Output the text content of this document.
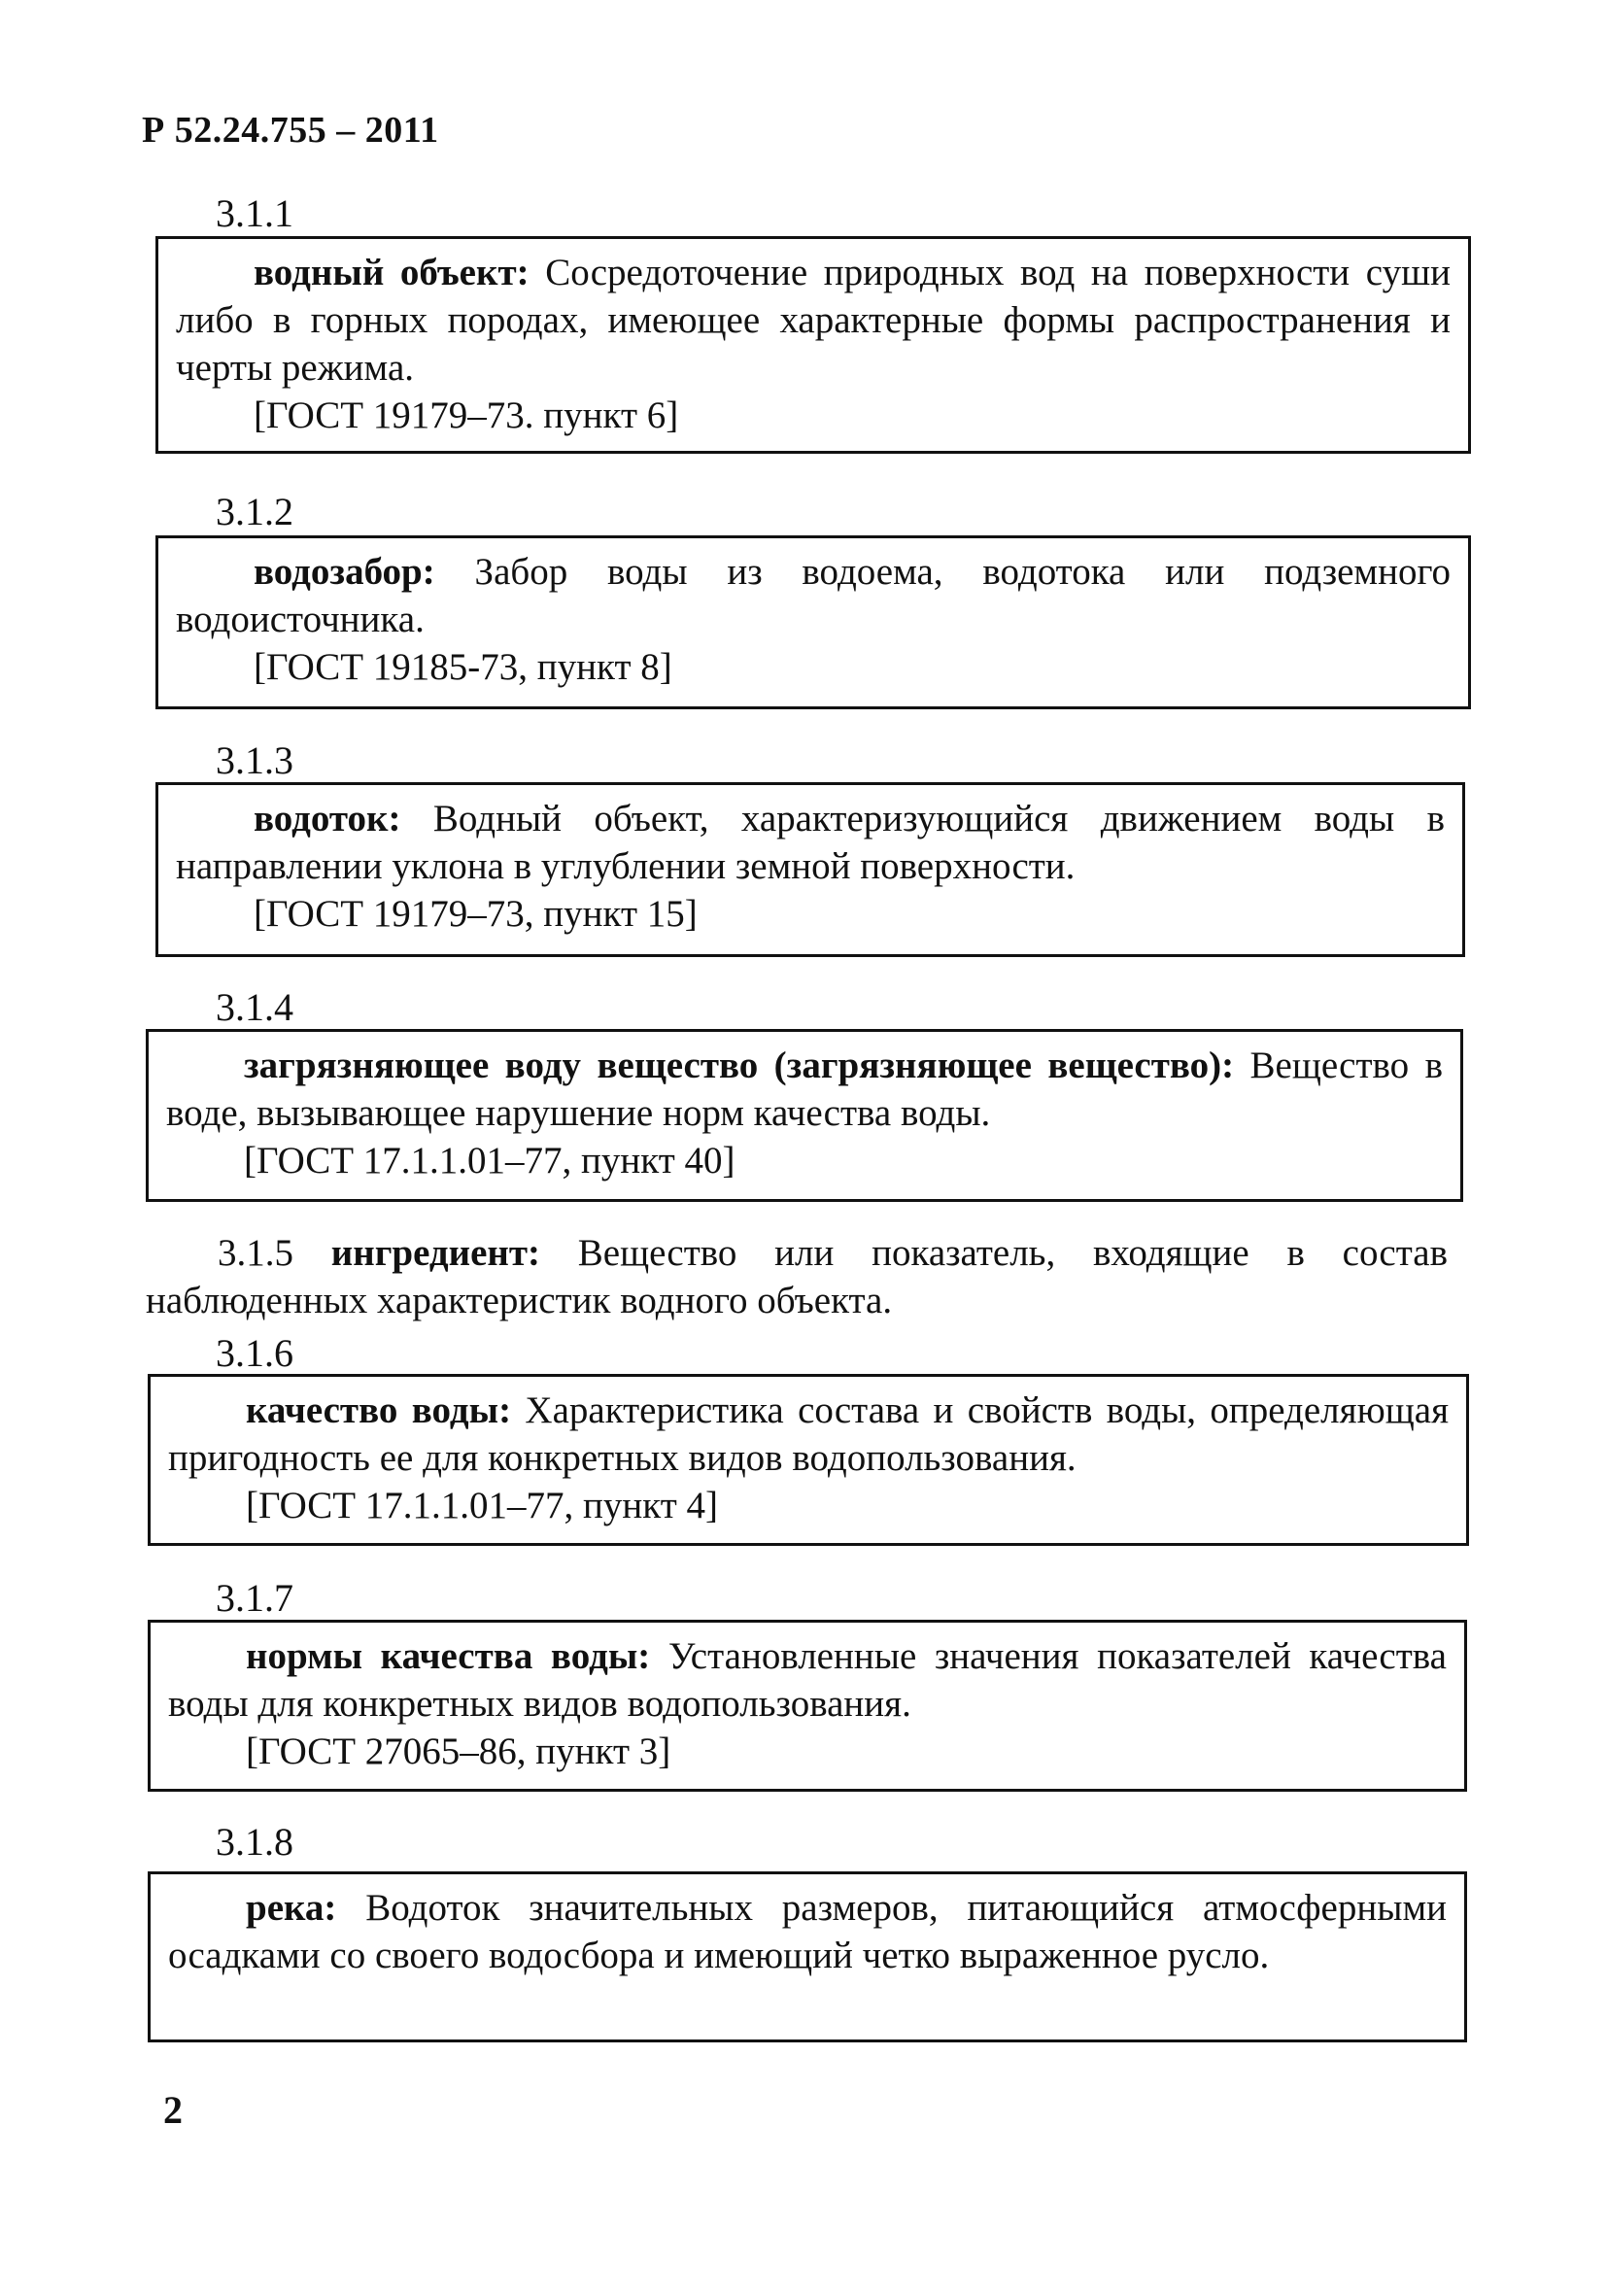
Р 52.24.755 – 2011
3.1.1
водный объект: Сосредоточение природных вод на поверхности суши либо в горных породах, имеющее характерные формы распространения и черты режима.
[ГОСТ 19179–73. пункт 6]
3.1.2
водозабор: Забор воды из водоема, водотока или подземного водоисточника.
[ГОСТ 19185-73, пункт 8]
3.1.3
водоток: Водный объект, характеризующийся движением воды в направлении уклона в углублении земной поверхности.
[ГОСТ 19179–73, пункт 15]
3.1.4
загрязняющее воду вещество (загрязняющее вещество): Вещество в воде, вызывающее нарушение норм качества воды.
[ГОСТ 17.1.1.01–77, пункт 40]
3.1.5 ингредиент: Вещество или показатель, входящие в состав наблюденных характеристик водного объекта.
3.1.6
качество воды: Характеристика состава и свойств воды, определяющая пригодность ее для конкретных видов водопользования.
[ГОСТ 17.1.1.01–77, пункт 4]
3.1.7
нормы качества воды: Установленные значения показателей качества воды для конкретных видов водопользования.
[ГОСТ 27065–86, пункт 3]
3.1.8
река: Водоток значительных размеров, питающийся атмосферными осадками со своего водосбора и имеющий четко выраженное русло.
2
